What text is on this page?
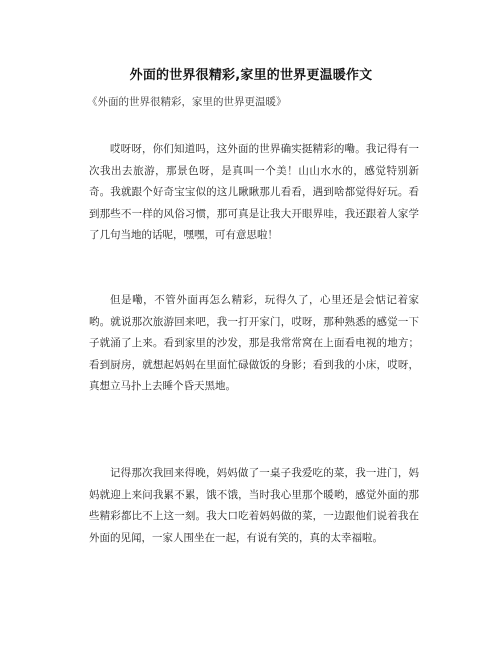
外面的世界很精彩,家里的世界更温暖作文
《外面的世界很精彩，家里的世界更温暖》

哎呀呀，你们知道吗，这外面的世界确实挺精彩的嘞。我记得有一次我出去旅游，那景色呀，是真叫一个美！山山水水的，感觉特别新奇。我就跟个好奇宝宝似的这儿瞅瞅那儿看看，遇到啥都觉得好玩。看到那些不一样的风俗习惯，那可真是让我大开眼界哇，我还跟着人家学了几句当地的话呢，嘿嘿，可有意思啦！

但是嘞，不管外面再怎么精彩，玩得久了，心里还是会惦记着家哟。就说那次旅游回来吧，我一打开家门，哎呀，那种熟悉的感觉一下子就涌了上来。看到家里的沙发，那是我常常窝在上面看电视的地方；看到厨房，就想起妈妈在里面忙碌做饭的身影；看到我的小床，哎呀，真想立马扑上去睡个昏天黑地。

记得那次我回来得晚，妈妈做了一桌子我爱吃的菜，我一进门，妈妈就迎上来问我累不累，饿不饿，当时我心里那个暖哟，感觉外面的那些精彩都比不上这一刻。我大口吃着妈妈做的菜，一边跟他们说着我在外面的见闻，一家人围坐在一起，有说有笑的，真的太幸福啦。
